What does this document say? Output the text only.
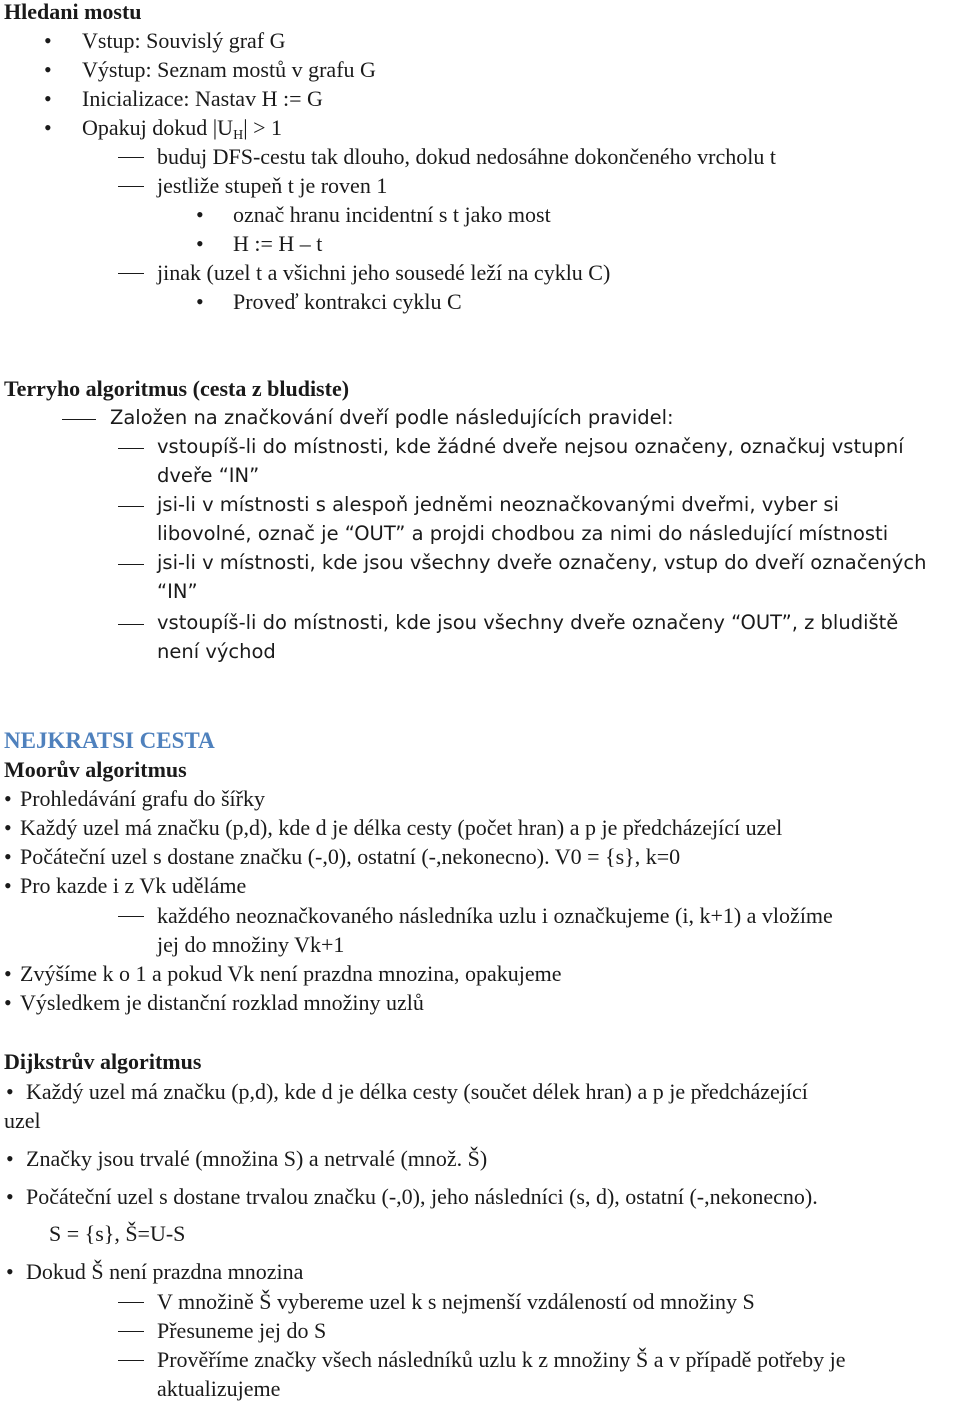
Hledani mostu
• Vstup: Souvislý graf G
• Výstup: Seznam mostů v grafu G
• Inicializace: Nastav H := G
• Opakuj dokud $|U_H| > 1$
buduj DFS-cestu tak dlouho, dokud nedosáhne dokončeného vrcholu t
jestliže stupeň t je roven 1
• označ hranu incidentní s t jako most
• H := H – t
jinak (uzel t a všichni jeho sousedé leží na cyklu C)
• Proveď kontrakci cyklu C
Terryho algoritmus (cesta z bludiste)
Založen na značkování dveří podle následujících pravidel:
vstoupíš-li do místnosti, kde žádné dveře nejsou označeny, označkuj vstupní
dveře “IN”
jsi-li v místnosti s alespoň jedněmi neoznačkovanými dveřmi, vyber si
libovolné, označ je “OUT” a projdi chodbou za nimi do následující místnosti
jsi-li v místnosti, kde jsou všechny dveře označeny, vstup do dveří označených
“IN”
vstoupíš-li do místnosti, kde jsou všechny dveře označeny “OUT”, z bludiště
není východ
NEJKRATSI CESTA
Moorův algoritmus
• Prohledávání grafu do šířky
• Každý uzel má značku (p,d), kde d je délka cesty (počet hran) a p je předcházející uzel
• Počáteční uzel s dostane značku (-,0), ostatní (-,nekonecno). V0 = {s}, k=0
• Pro kazde i z Vk uděláme
každého neoznačkovaného následníka uzlu i označkujeme (i, k+1) a vložíme
jej do množiny Vk+1
• Zvýšíme k o 1 a pokud Vk není prazdna mnozina, opakujeme
• Výsledkem je distanční rozklad množiny uzlů
Dijkstrův algoritmus
• Každý uzel má značku (p,d), kde d je délka cesty (součet délek hran) a p je předcházející
uzel
• Značky jsou trvalé (množina S) a netrvalé (množ. Š)
• Počáteční uzel s dostane trvalou značku (-,0), jeho následníci (s, d), ostatní (-,nekonecno).
S = {s}, Š=U-S
• Dokud Š není prazdna mnozina
V množině Š vybereme uzel k s nejmenší vzdáleností od množiny S
Přesuneme jej do S
Prověříme značky všech následníků uzlu k z množiny Š a v případě potřeby je
aktualizujeme
